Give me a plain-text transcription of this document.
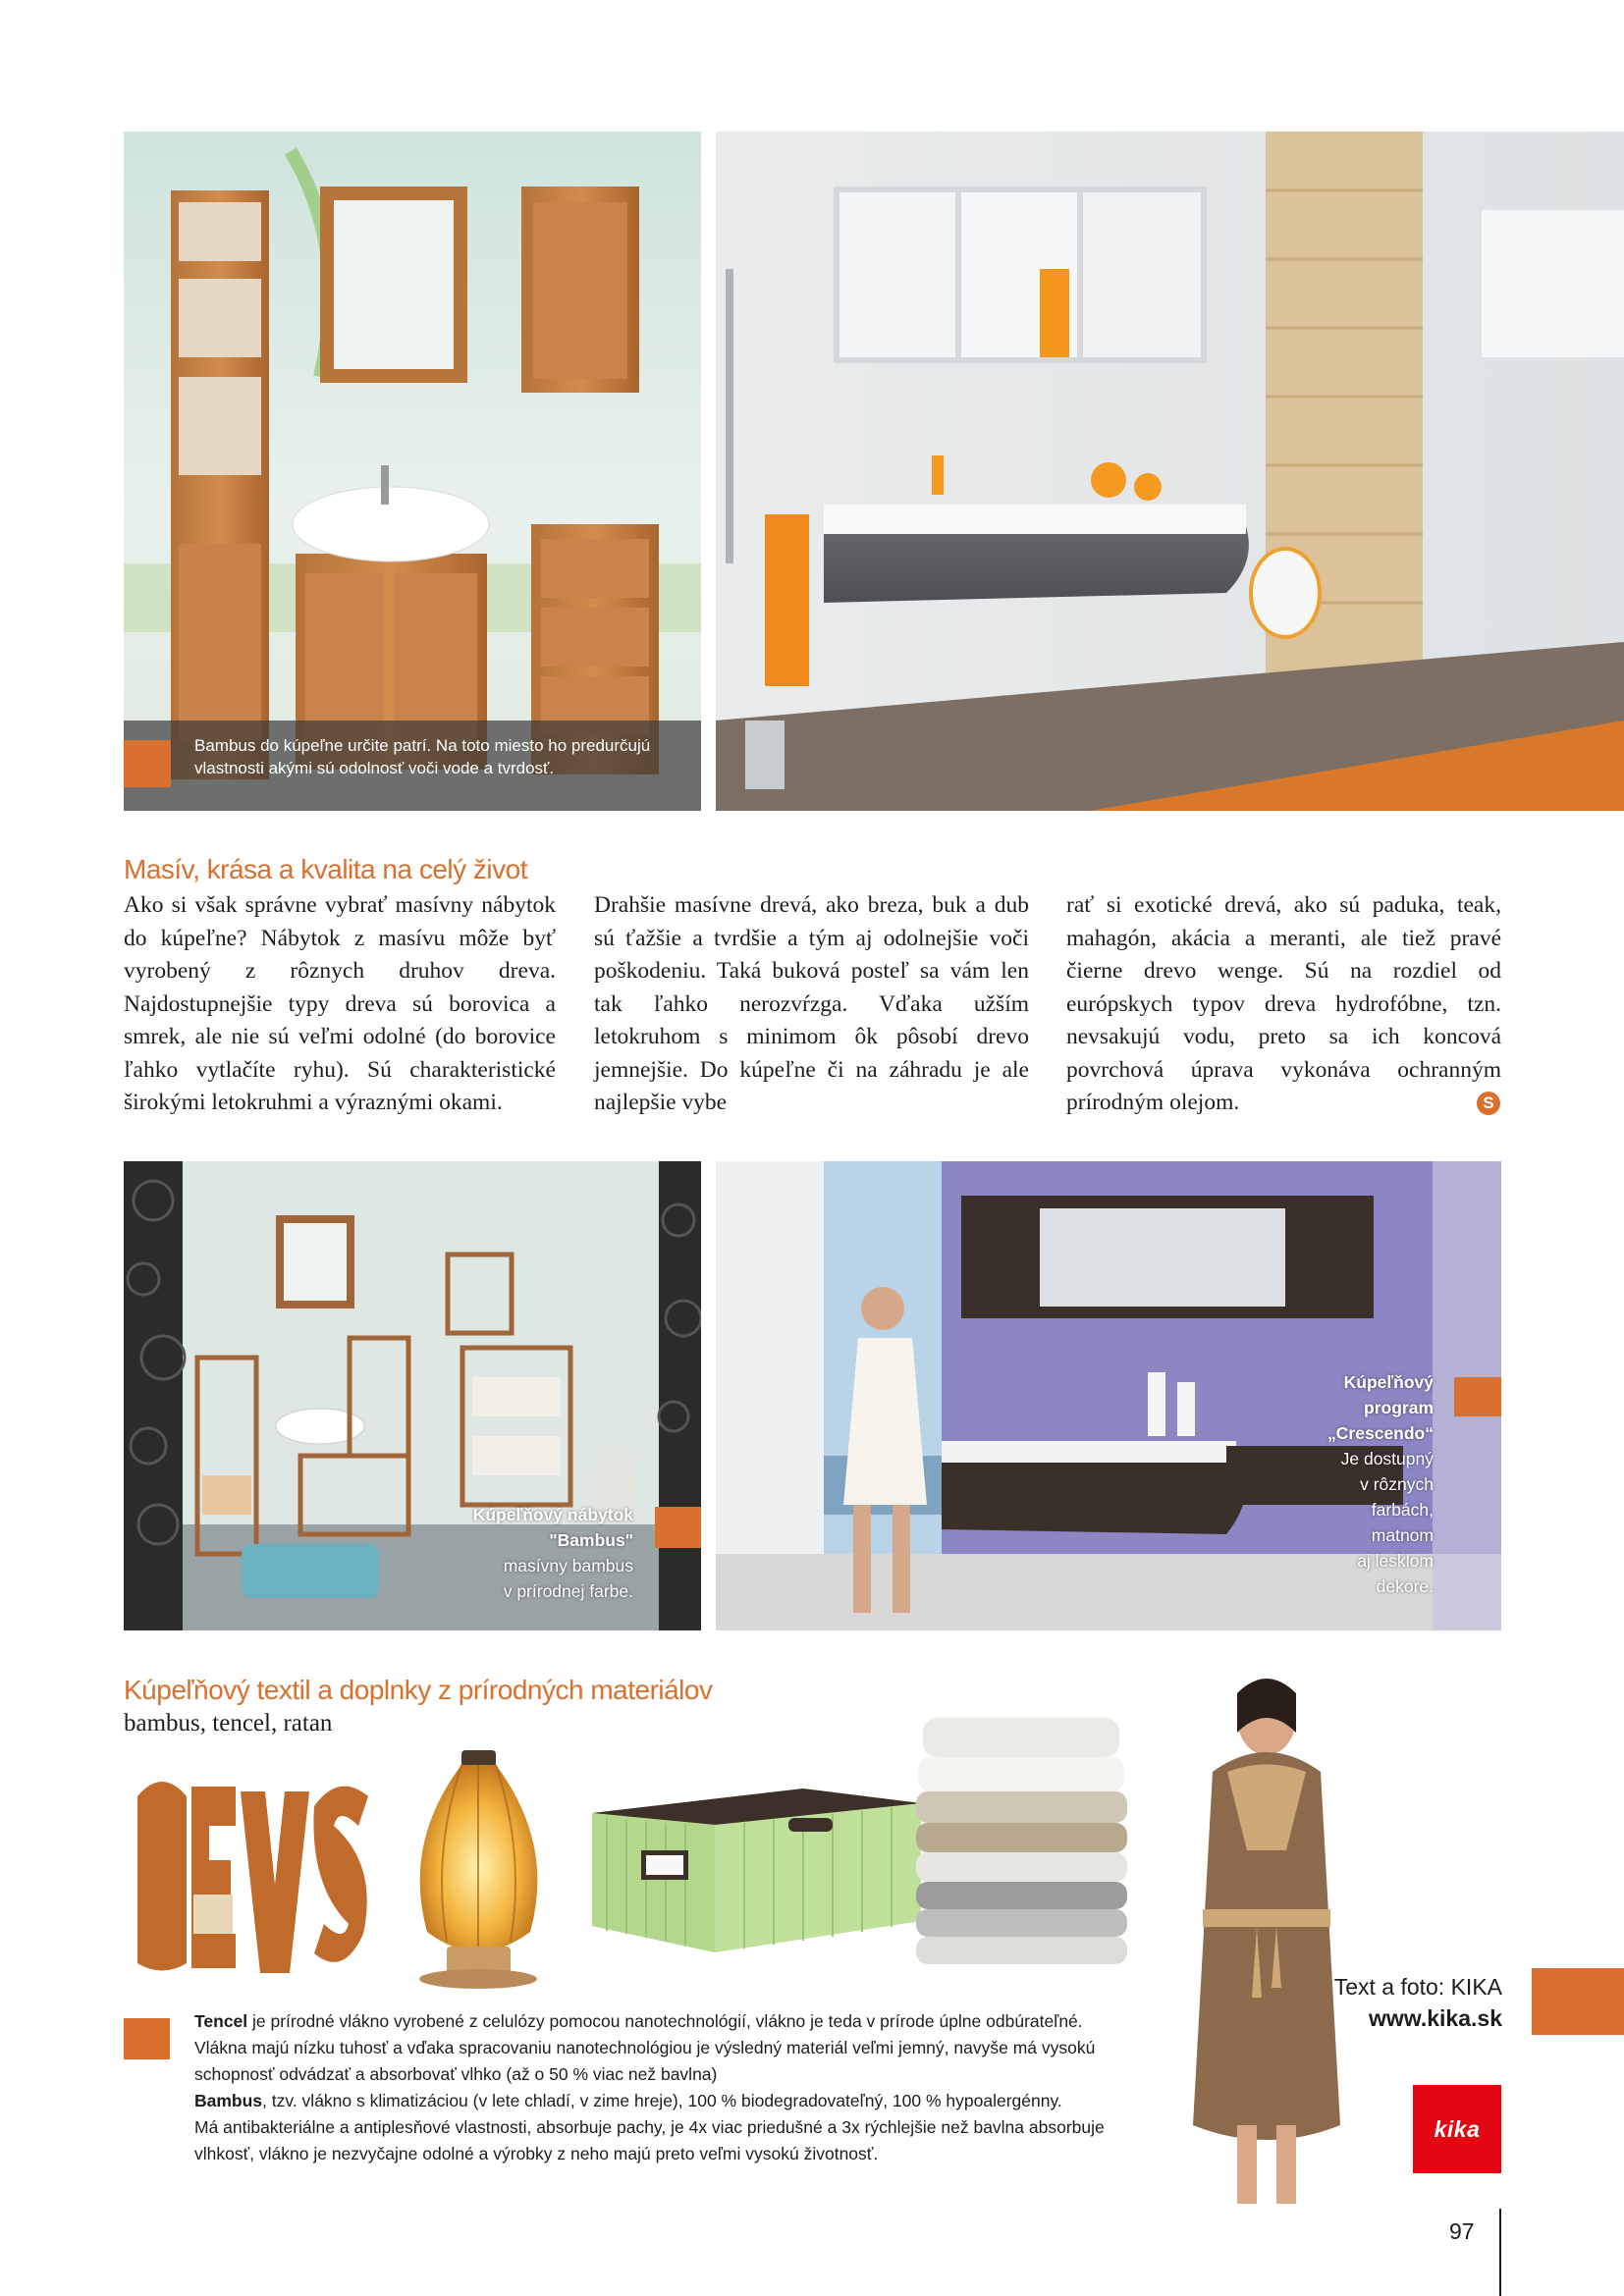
Bambus do kúpeľne určite patrí. Na toto miesto ho predurčujú vlastnosti akými sú odolnosť voči vode a tvrdosť.
Masív, krása a kvalita na celý život

Ako si však správne vybrať masívny nábytok do kúpeľne? Nábytok z masívu môže byť vyrobený z rôznych druhov dreva. Najdostupnejšie typy dreva sú borovica a smrek, ale nie sú veľmi odolné (do borovice ľahko vytlačíte ryhu). Sú charakteristické širokými letokruhmi a výraznými okami.

Drahšie masívne drevá, ako breza, buk a dub sú ťažšie a tvrdšie a tým aj odolnejšie voči poškodeniu. Taká buková posteľ sa vám len tak ľahko nerozvŕzga. Vďaka užším letokruhom s minimom ôk pôsobí drevo jemnejšie. Do kúpeľne či na záhradu je ale najlepšie vybe

rať si exotické drevá, ako sú paduka, teak, mahagón, akácia a meranti, ale tiež pravé čierne drevo wenge. Sú na rozdiel od európskych typov dreva hydrofóbne, tzn. nevsakujú vodu, preto sa ich koncová povrchová úprava vykonáva ochranným prírodným olejom.	S
Kúpeľňový nábytok
"Bambus"
masívny bambus
v prírodnej farbe.
Kúpeľňový
program
„Crescendo“
Je dostupný
v rôznych
farbách,
matnom
aj lesklom
dekore.
Kúpeľňový textil a doplnky z prírodných materiálov
bambus, tencel, ratan

Tencel je prírodné vlákno vyrobené z celulózy pomocou nanotechnológií, vlákno je teda v prírode úplne odbúrateľné.

Vlákna majú nízku tuhosť a vďaka spracovaniu nanotechnológiou je výsledný materiál veľmi jemný, navyše má vysokú schopnosť odvádzať a absorbovať vlhko (až o 50 % viac než bavlna)

Bambus, tzv. vlákno s klimatizáciou (v lete chladí, v zime hreje), 100 % biodegradovateľný, 100 % hypoalergénny.

Má antibakteriálne a antiplesňové vlastnosti, absorbuje pachy, je 4x viac priedušné a 3x rýchlejšie než bavlna absorbuje vlhkosť, vlákno je nezvyčajne odolné a výrobky z neho majú preto veľmi vysokú životnosť.

Text a foto: KIKA
www.kika.sk
kika
97
